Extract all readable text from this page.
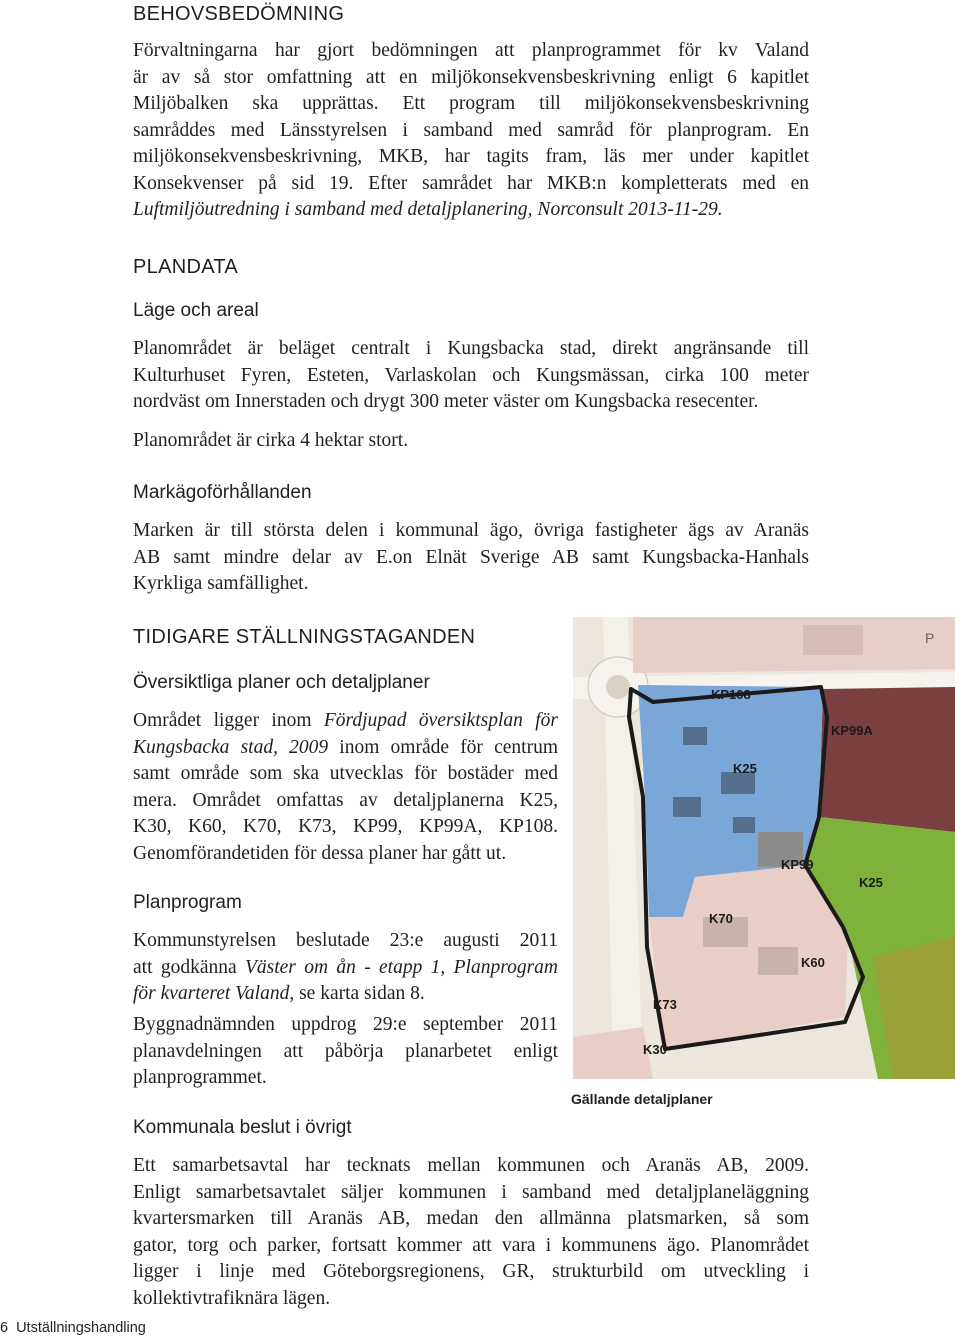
BEHOVSBEDÖMNING
Förvaltningarna har gjort bedömningen att planprogrammet för kv Valand
är av så stor omfattning att en miljökonsekvensbeskrivning enligt 6 kapitlet
Miljöbalken ska upprättas. Ett program till miljökonsekvensbeskrivning
samråddes med Länsstyrelsen i samband med samråd för planprogram. En
miljökonsekvensbeskrivning, MKB, har tagits fram, läs mer under kapitlet
Konsekvenser på sid 19. Efter samrådet har MKB:n kompletterats med en
Luftmiljöutredning i samband med detaljplanering, Norconsult 2013-11-29.
PLANDATA
Läge och areal
Planområdet är beläget centralt i Kungsbacka stad, direkt angränsande till
Kulturhuset Fyren, Esteten, Varlaskolan och Kungsmässan, cirka 100 meter
nordväst om Innerstaden och drygt 300 meter väster om Kungsbacka resecenter.
Planområdet är cirka 4 hektar stort.
Markägoförhållanden
Marken är till största delen i kommunal ägo, övriga fastigheter ägs av Aranäs
AB samt mindre delar av E.on Elnät Sverige AB samt Kungsbacka-Hanhals
Kyrkliga samfällighet.
TIDIGARE STÄLLNINGSTAGANDEN
Översiktliga planer och detaljplaner
Området ligger inom Fördjupad översiktsplan för
Kungsbacka stad, 2009 inom område för centrum
samt område som ska utvecklas för bostäder med
mera. Området omfattas av detaljplanerna K25,
K30, K60, K70, K73, KP99, KP99A, KP108.
Genomförandetiden för dessa planer har gått ut.
Planprogram
Kommunstyrelsen beslutade 23:e augusti 2011
att godkänna Väster om ån - etapp 1, Planprogram
för kvarteret Valand, se karta sidan 8.
Byggnadnämnden uppdrog 29:e september 2011
planavdelningen att påbörja planarbetet enligt
planprogrammet.
Kommunala beslut i övrigt
Ett samarbetsavtal har tecknats mellan kommunen och Aranäs AB, 2009.
Enligt samarbetsavtalet säljer kommunen i samband med detaljplaneläggning
kvartersmarken till Aranäs AB, medan den allmänna platsmarken, så som
gator, torg och parker, fortsatt kommer att vara i kommunens ägo. Planområdet
ligger i linje med Göteborgsregionens, GR, strukturbild om utveckling i
kollektivtrafiknära lägen.
KP108
KP99A
K25
KP99
K25
K70
K60
K73
K30
P
Gällande detaljplaner
6 Utställningshandling
